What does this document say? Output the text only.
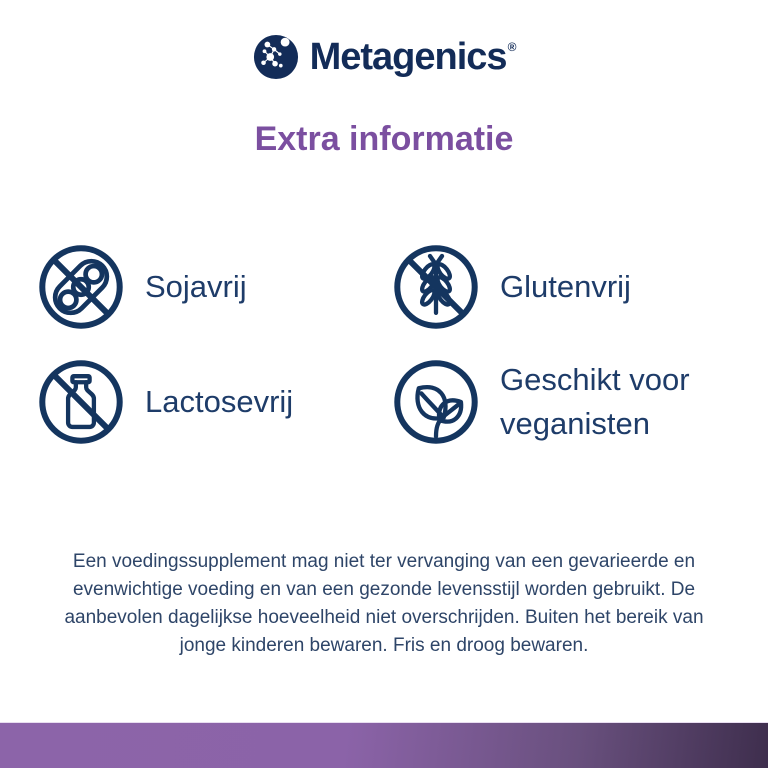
Metagenics®
Extra informatie
Sojavrij	Glutenvrij
Lactosevrij
Geschikt voor veganisten
Een voedingssupplement mag niet ter vervanging van een gevarieerde en evenwichtige voeding en van een gezonde levensstijl worden gebruikt. De aanbevolen dagelijkse hoeveelheid niet overschrijden. Buiten het bereik van jonge kinderen bewaren. Fris en droog bewaren.
